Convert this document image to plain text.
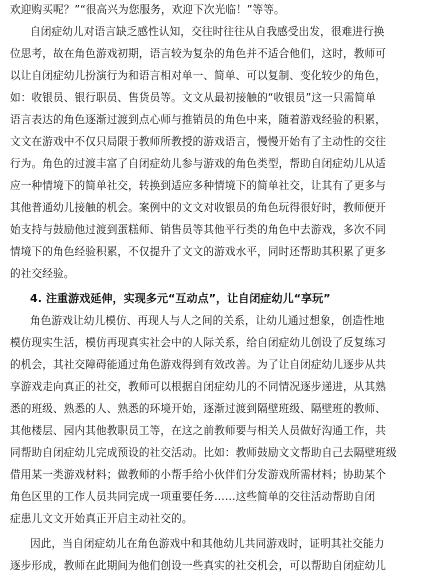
欢迎购买呢？”“很高兴为您服务，欢迎下次光临！”等等。
自闭症幼儿对语言缺乏感性认知，交往时往往从自我感受出发，很难进行换
位思考，故在角色游戏初期，语言较为复杂的角色并不适合他们，这时，教师可
以让自闭症幼儿扮演行为和语言相对单一、简单、可以复制、变化较少的角色，
如：收银员、银行职员、售货员等。文文从最初接触的“收银员”这一只需简单
语言表达的角色逐渐过渡到点心师与推销员的角色中来，随着游戏经验的积累，
文文在游戏中不仅只局限于教师所教授的游戏语言，慢慢开始有了主动性的交往
行为。角色的过渡丰富了自闭症幼儿参与游戏的角色类型，帮助自闭症幼儿从适
应一种情境下的简单社交，转换到适应多种情境下的简单社交，让其有了更多与
其他普通幼儿接触的机会。案例中的文文对收银员的角色玩得很好时，教师便开
始支持与鼓励他过渡到蛋糕师、销售员等其他平行类的角色中去游戏，多次不同
情境下的角色经验积累，不仅提升了文文的游戏水平，同时还帮助其积累了更多
的社交经验。
4. 注重游戏延伸，实现多元“互动点”，让自闭症幼儿“享玩”
角色游戏让幼儿模仿、再现人与人之间的关系，让幼儿通过想象，创造性地
模仿现实生活，模仿再现真实社会中的人际关系，给自闭症幼儿创设了反复练习
的机会，其社交障碍能通过角色游戏得到有效改善。为了让自闭症幼儿逐步从共
享游戏走向真正的社交，教师可以根据自闭症幼儿的不同情况逐步递进，从其熟
悉的班级、熟悉的人、熟悉的环境开始，逐渐过渡到隔壁班级、隔壁班的教师、
其他楼层、园内其他教职员工等，在这之前教师要与相关人员做好沟通工作，共
同帮助自闭症幼儿完成预设的社交活动。比如：教师鼓励文文帮助自己去隔壁班级
借用某一类游戏材料；做教师的小帮手给小伙伴们分发游戏所需材料；协助某个
角色区里的工作人员共同完成一项重要任务……这些简单的交往活动帮助自闭
症患儿文文开始真正开启主动社交的。
因此，当自闭症幼儿在角色游戏中和其他幼儿共同游戏时，证明其社交能力
逐步形成，教师在此期间为他们创设一些真实的社交机会，可以帮助自闭症幼儿
